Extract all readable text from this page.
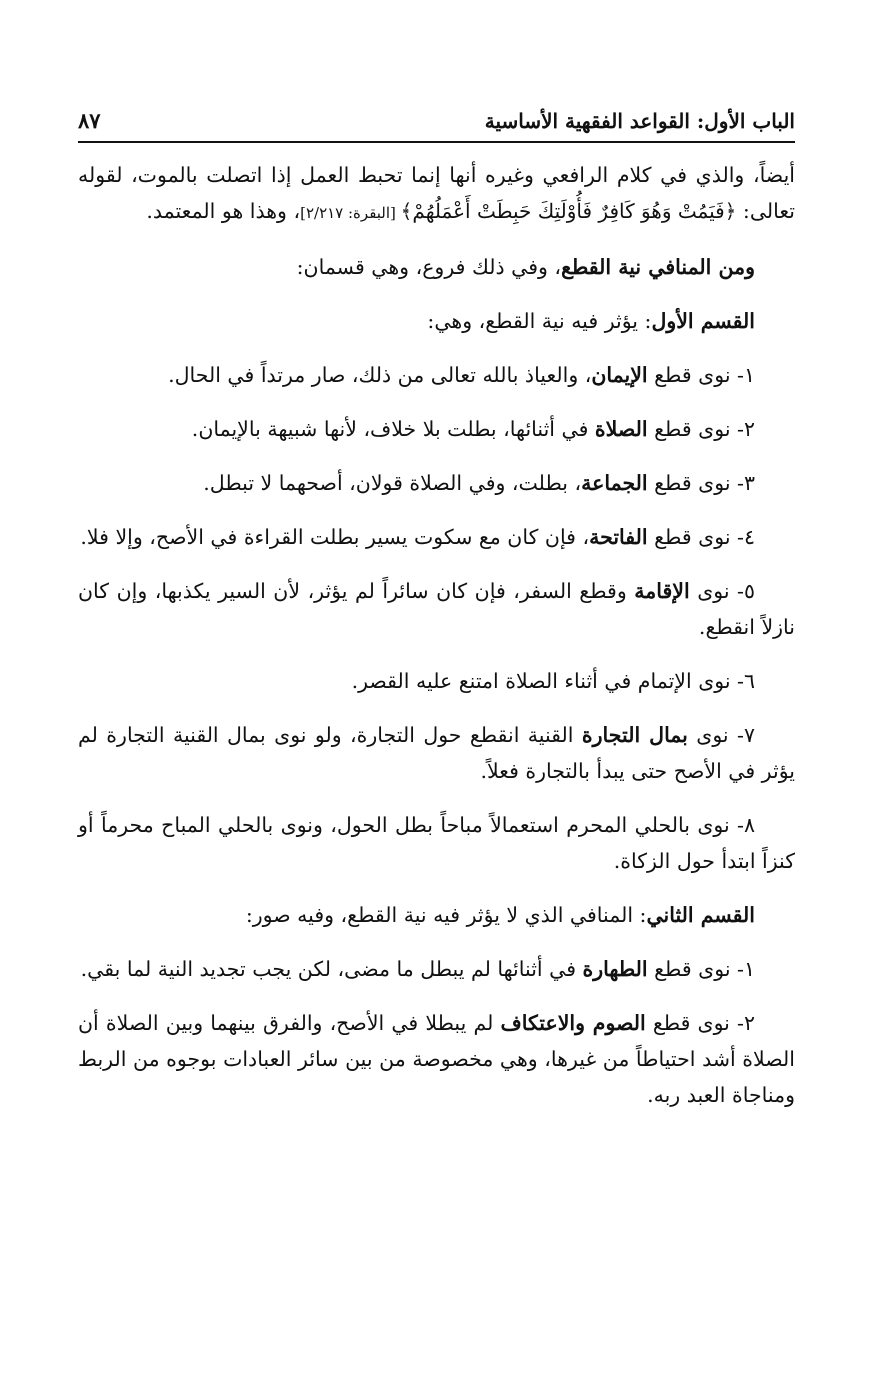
الباب الأول: القواعد الفقهية الأساسية
٨٧

أيضاً، والذي في كلام الرافعي وغيره أنها إنما تحبط العمل إذا اتصلت بالموت، لقوله تعالى: ﴿فَيَمُتْ وَهُوَ كَافِرٌ فَأُوْلَتِكَ حَبِطَتْ أَعْمَلُهُمْ﴾ [البقرة: ٢/٢١٧]، وهذا هو المعتمد.

ومن المنافي نية القطع، وفي ذلك فروع، وهي قسمان:

القسم الأول: يؤثر فيه نية القطع، وهي:

١- نوى قطع الإيمان، والعياذ بالله تعالى من ذلك، صار مرتداً في الحال.

٢- نوى قطع الصلاة في أثنائها، بطلت بلا خلاف، لأنها شبيهة بالإيمان.

٣- نوى قطع الجماعة، بطلت، وفي الصلاة قولان، أصحهما لا تبطل.

٤- نوى قطع الفاتحة، فإن كان مع سكوت يسير بطلت القراءة في الأصح، وإلا فلا.

٥- نوى الإقامة وقطع السفر، فإن كان سائراً لم يؤثر، لأن السير يكذبها، وإن كان نازلاً انقطع.

٦- نوى الإتمام في أثناء الصلاة امتنع عليه القصر.

٧- نوى بمال التجارة القنية انقطع حول التجارة، ولو نوى بمال القنية التجارة لم يؤثر في الأصح حتى يبدأ بالتجارة فعلاً.

٨- نوى بالحلي المحرم استعمالاً مباحاً بطل الحول، ونوى بالحلي المباح محرماً أو كنزاً ابتدأ حول الزكاة.

القسم الثاني: المنافي الذي لا يؤثر فيه نية القطع، وفيه صور:

١- نوى قطع الطهارة في أثنائها لم يبطل ما مضى، لكن يجب تجديد النية لما بقي.

٢- نوى قطع الصوم والاعتكاف لم يبطلا في الأصح، والفرق بينهما وبين الصلاة أن الصلاة أشد احتياطاً من غيرها، وهي مخصوصة من بين سائر العبادات بوجوه من الربط ومناجاة العبد ربه.
